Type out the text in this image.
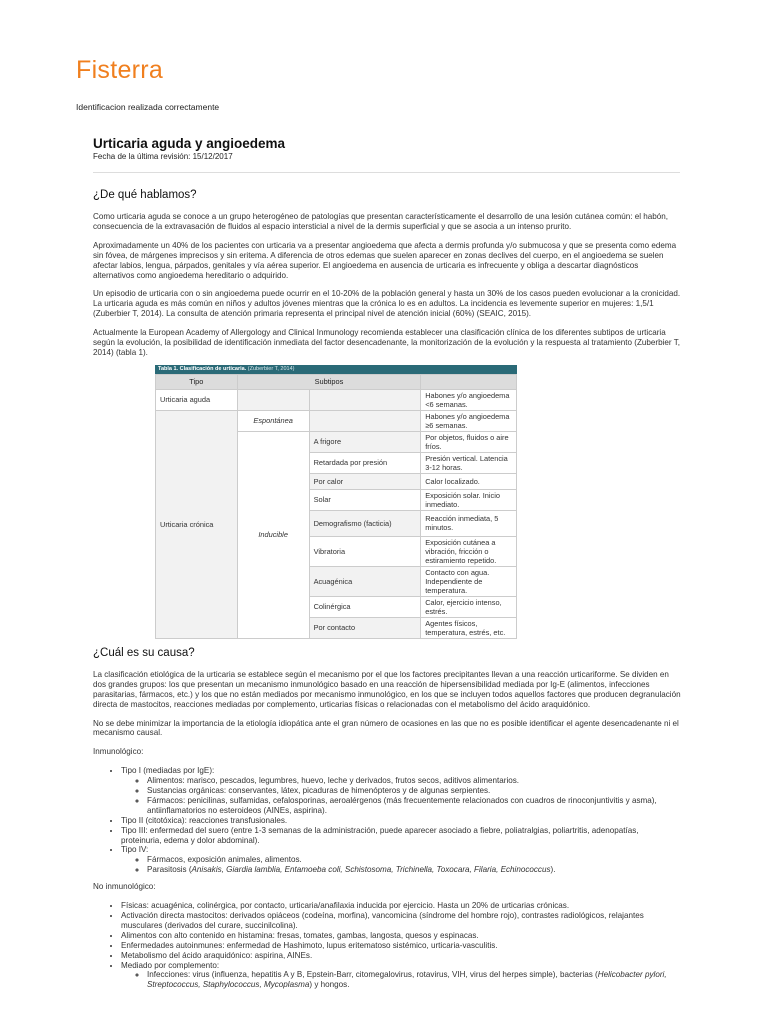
Fisterra
Identificacion realizada correctamente
Urticaria aguda y angioedema
Fecha de la última revisión: 15/12/2017
¿De qué hablamos?

Como urticaria aguda se conoce a un grupo heterogéneo de patologías que presentan característicamente el desarrollo de una lesión cutánea común: el habón, consecuencia de la extravasación de fluidos al espacio intersticial a nivel de la dermis superficial y que se asocia a un intenso prurito.

Aproximadamente un 40% de los pacientes con urticaria va a presentar angioedema que afecta a dermis profunda y/o submucosa y que se presenta como edema sin fóvea, de márgenes imprecisos y sin eritema. A diferencia de otros edemas que suelen aparecer en zonas declives del cuerpo, en el angioedema se suelen afectar labios, lengua, párpados, genitales y vía aérea superior. El angioedema en ausencia de urticaria es infrecuente y obliga a descartar diagnósticos alternativos como angioedema hereditario o adquirido.

Un episodio de urticaria con o sin angioedema puede ocurrir en el 10-20% de la población general y hasta un 30% de los casos pueden evolucionar a la cronicidad. La urticaria aguda es más común en niños y adultos jóvenes mientras que la crónica lo es en adultos. La incidencia es levemente superior en mujeres: 1,5/1 (Zuberbier T, 2014). La consulta de atención primaria representa el principal nivel de atención inicial (60%) (SEAIC, 2015).

Actualmente la European Academy of Allergology and Clinical Inmunology recomienda establecer una clasificación clínica de los diferentes subtipos de urticaria según la evolución, la posibilidad de identificación inmediata del factor desencadenante, la monitorización de la evolución y la respuesta al tratamiento (Zuberbier T, 2014) (tabla 1).

Tabla 1. Clasificación de urticaria. (Zuberbier T, 2014)
Tipo	Subtipos		
Urticaria aguda			Habones y/o angioedema <6 semanas.
Urticaria crónica	Espontánea		Habones y/o angioedema ≥6 semanas.
	Inducible	A frigore	Por objetos, fluidos o aire fríos.
		Retardada por presión	Presión vertical. Latencia 3-12 horas.
		Por calor	Calor localizado.
		Solar	Exposición solar. Inicio inmediato.
		Demografismo (facticia)	Reacción inmediata, 5 minutos.
		Vibratoria	Exposición cutánea a vibración, fricción o estiramiento repetido.
		Acuagénica	Contacto con agua. Independiente de temperatura.
		Colinérgica	Calor, ejercicio intenso, estrés.
		Por contacto	Agentes físicos, temperatura, estrés, etc.
¿Cuál es su causa?

La clasificación etiológica de la urticaria se establece según el mecanismo por el que los factores precipitantes llevan a una reacción urticariforme. Se dividen en dos grandes grupos: los que presentan un mecanismo inmunológico basado en una reacción de hipersensibilidad mediada por Ig-E (alimentos, infecciones parasitarias, fármacos, etc.) y los que no están mediados por mecanismo inmunológico, en los que se incluyen todos aquellos factores que producen degranulación directa de mastocitos, reacciones mediadas por complemento, urticarias físicas o relacionadas con el metabolismo del ácido araquidónico.

No se debe minimizar la importancia de la etiología idiopática ante el gran número de ocasiones en las que no es posible identificar el agente desencadenante ni el mecanismo causal.

Inmunológico:

• Tipo I (mediadas por IgE):
◦ Alimentos: marisco, pescados, legumbres, huevo, leche y derivados, frutos secos, aditivos alimentarios.
◦ Sustancias orgánicas: conservantes, látex, picaduras de himenópteros y de algunas serpientes.
◦ Fármacos: penicilinas, sulfamidas, cefalosporinas, aeroalérgenos (más frecuentemente relacionados con cuadros de rinoconjuntivitis y asma), antiinflamatorios no esteroideos (AINEs, aspirina).
• Tipo II (citotóxica): reacciones transfusionales.
• Tipo III: enfermedad del suero (entre 1-3 semanas de la administración, puede aparecer asociado a fiebre, poliatralgias, poliartritis, adenopatías, proteinuria, edema y dolor abdominal).
• Tipo IV:
◦ Fármacos, exposición animales, alimentos.
◦ Parasitosis (Anisakis, Giardia lamblia, Entamoeba coli, Schistosoma, Trichinella, Toxocara, Filaria, Echinococcus).

No inmunológico:

• Físicas: acuagénica, colinérgica, por contacto, urticaria/anafilaxia inducida por ejercicio. Hasta un 20% de urticarias crónicas.
• Activación directa mastocitos: derivados opiáceos (codeína, morfina), vancomicina (síndrome del hombre rojo), contrastes radiológicos, relajantes musculares (derivados del curare, succinilcolina).
• Alimentos con alto contenido en histamina: fresas, tomates, gambas, langosta, quesos y espinacas.
• Enfermedades autoinmunes: enfermedad de Hashimoto, lupus eritematoso sistémico, urticaria-vasculitis.
• Metabolismo del ácido araquidónico: aspirina, AINEs.
• Mediado por complemento:
◦ Infecciones: virus (influenza, hepatitis A y B, Epstein-Barr, citomegalovirus, rotavirus, VIH, virus del herpes simple), bacterias (Helicobacter pylori, Streptococcus, Staphylococcus, Mycoplasma) y hongos.
